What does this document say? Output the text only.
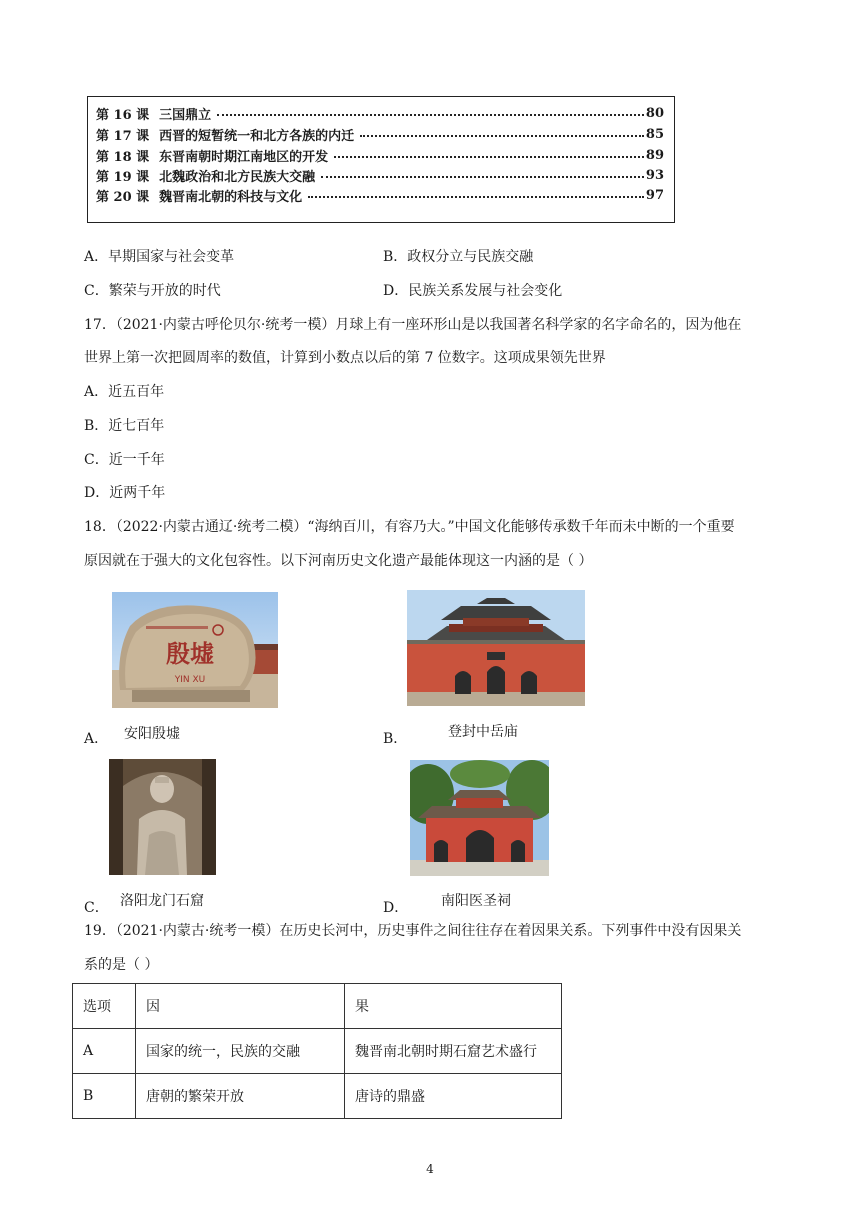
第 16 课 三国鼎立	80
第 17 课 西晋的短暂统一和北方各族的内迁	85
第 18 课 东晋南朝时期江南地区的开发	89
第 19 课 北魏政治和北方民族大交融	93
第 20 课 魏晋南北朝的科技与文化	97
A．早期国家与社会变革	B．政权分立与民族交融
C．繁荣与开放的时代	D．民族关系发展与社会变化
17．（2021·内蒙古呼伦贝尔·统考一模）月球上有一座环形山是以我国著名科学家的名字命名的，因为他在
世界上第一次把圆周率的数值，计算到小数点以后的第 7 位数字。这项成果领先世界
A．近五百年
B．近七百年
C．近一千年
D．近两千年
18．（2022·内蒙古通辽·统考二模）“海纳百川，有容乃大。”中国文化能够传承数千年而未中断的一个重要
原因就在于强大的文化包容性。以下河南历史文化遗产最能体现这一内涵的是（ ）
殷墟
YIN XU
A． 安阳殷墟	B．	登封中岳庙
C． 洛阳龙门石窟	D． 南阳医圣祠
19．（2021·内蒙古·统考一模）在历史长河中，历史事件之间往往存在着因果关系。下列事件中没有因果关
系的是（ ）
选项	因	果
A	国家的统一，民族的交融	魏晋南北朝时期石窟艺术盛行
B	唐朝的繁荣开放	唐诗的鼎盛
4
